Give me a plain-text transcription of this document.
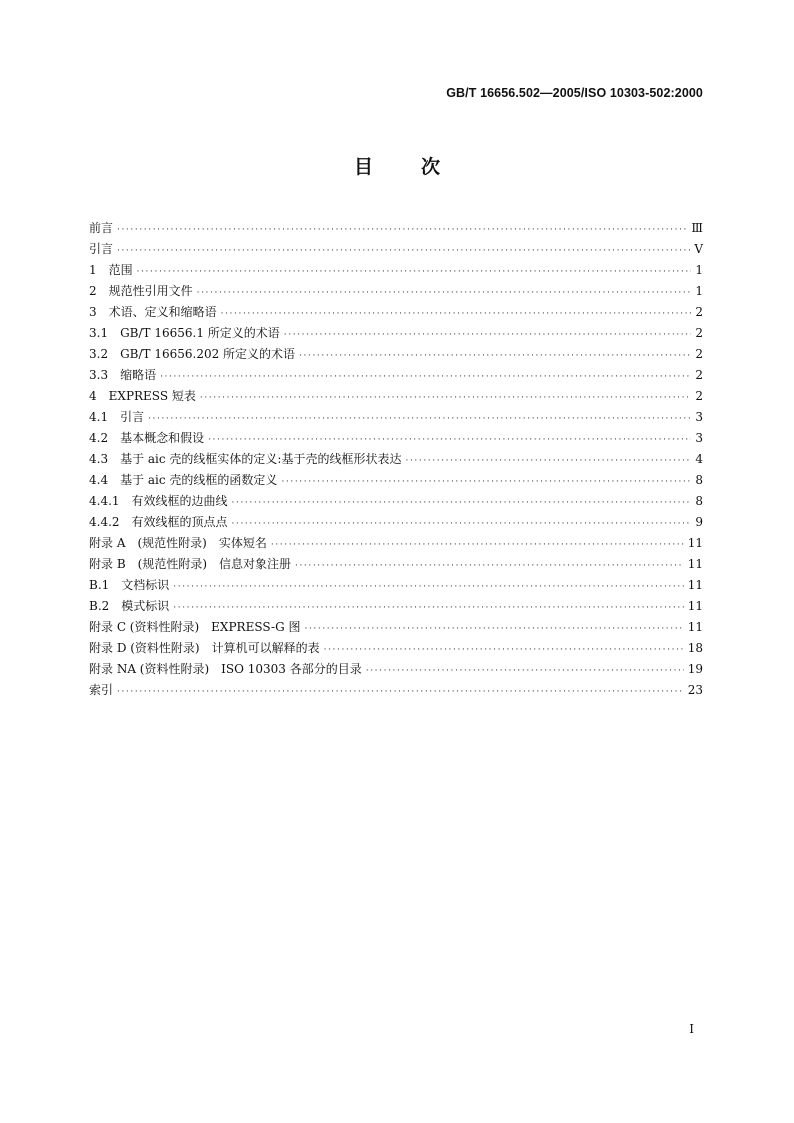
GB/T 16656.502—2005/ISO 10303-502:2000
目次
前言 ·····	Ⅲ
引言 ·····	Ⅴ
1　范围 ·····	1
2　规范性引用文件 ·····	1
3　术语、定义和缩略语 ·····	2
3.1　GB/T 16656.1 所定义的术语 ·····	2
3.2　GB/T 16656.202 所定义的术语 ·····	2
3.3　缩略语 ·····	2
4　EXPRESS 短表 ·····	2
4.1　引言 ·····	3
4.2　基本概念和假设 ·····	3
4.3　基于 aic 壳的线框实体的定义:基于壳的线框形状表达 ·····	4
4.4　基于 aic 壳的线框的函数定义 ·····	8
4.4.1　有效线框的边曲线 ·····	8
4.4.2　有效线框的顶点点 ·····	9
附录 A　(规范性附录)　实体短名 ·····	11
附录 B　(规范性附录)　信息对象注册 ·····	11
B.1　文档标识 ·····	11
B.2　模式标识 ·····	11
附录 C (资料性附录)　EXPRESS-G 图 ·····	11
附录 D (资料性附录)　计算机可以解释的表 ·····	18
附录 NA (资料性附录)　ISO 10303 各部分的目录 ·····	19
索引 ·····	23
I
